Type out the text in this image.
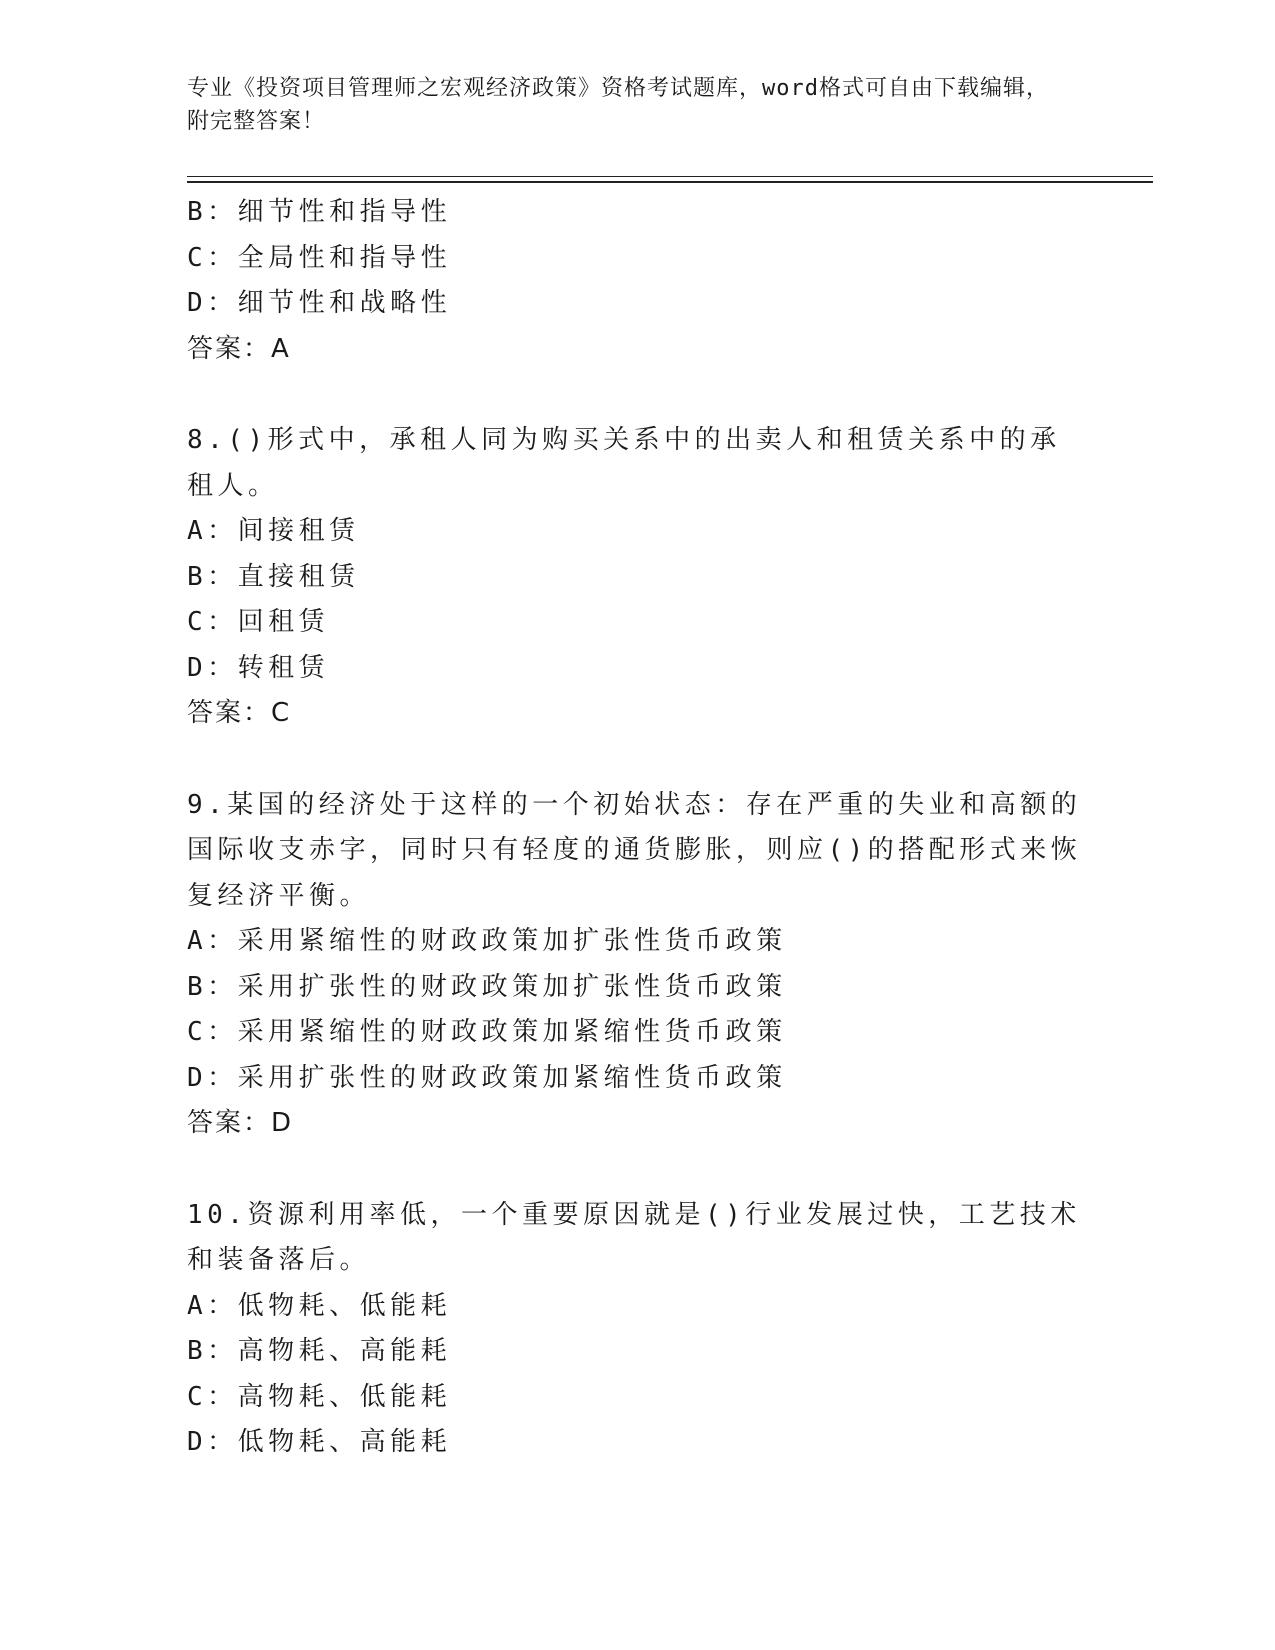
专业《投资项目管理师之宏观经济政策》资格考试题库，word格式可自由下载编辑，附完整答案！
B：细节性和指导性
C：全局性和指导性
D：细节性和战略性
答案：A
8.()形式中，承租人同为购买关系中的出卖人和租赁关系中的承租人。
A：间接租赁
B：直接租赁
C：回租赁
D：转租赁
答案：C
9.某国的经济处于这样的一个初始状态：存在严重的失业和高额的国际收支赤字，同时只有轻度的通货膨胀，则应()的搭配形式来恢复经济平衡。
A：采用紧缩性的财政政策加扩张性货币政策
B：采用扩张性的财政政策加扩张性货币政策
C：采用紧缩性的财政政策加紧缩性货币政策
D：采用扩张性的财政政策加紧缩性货币政策
答案：D
10.资源利用率低，一个重要原因就是()行业发展过快，工艺技术和装备落后。
A：低物耗、低能耗
B：高物耗、高能耗
C：高物耗、低能耗
D：低物耗、高能耗
